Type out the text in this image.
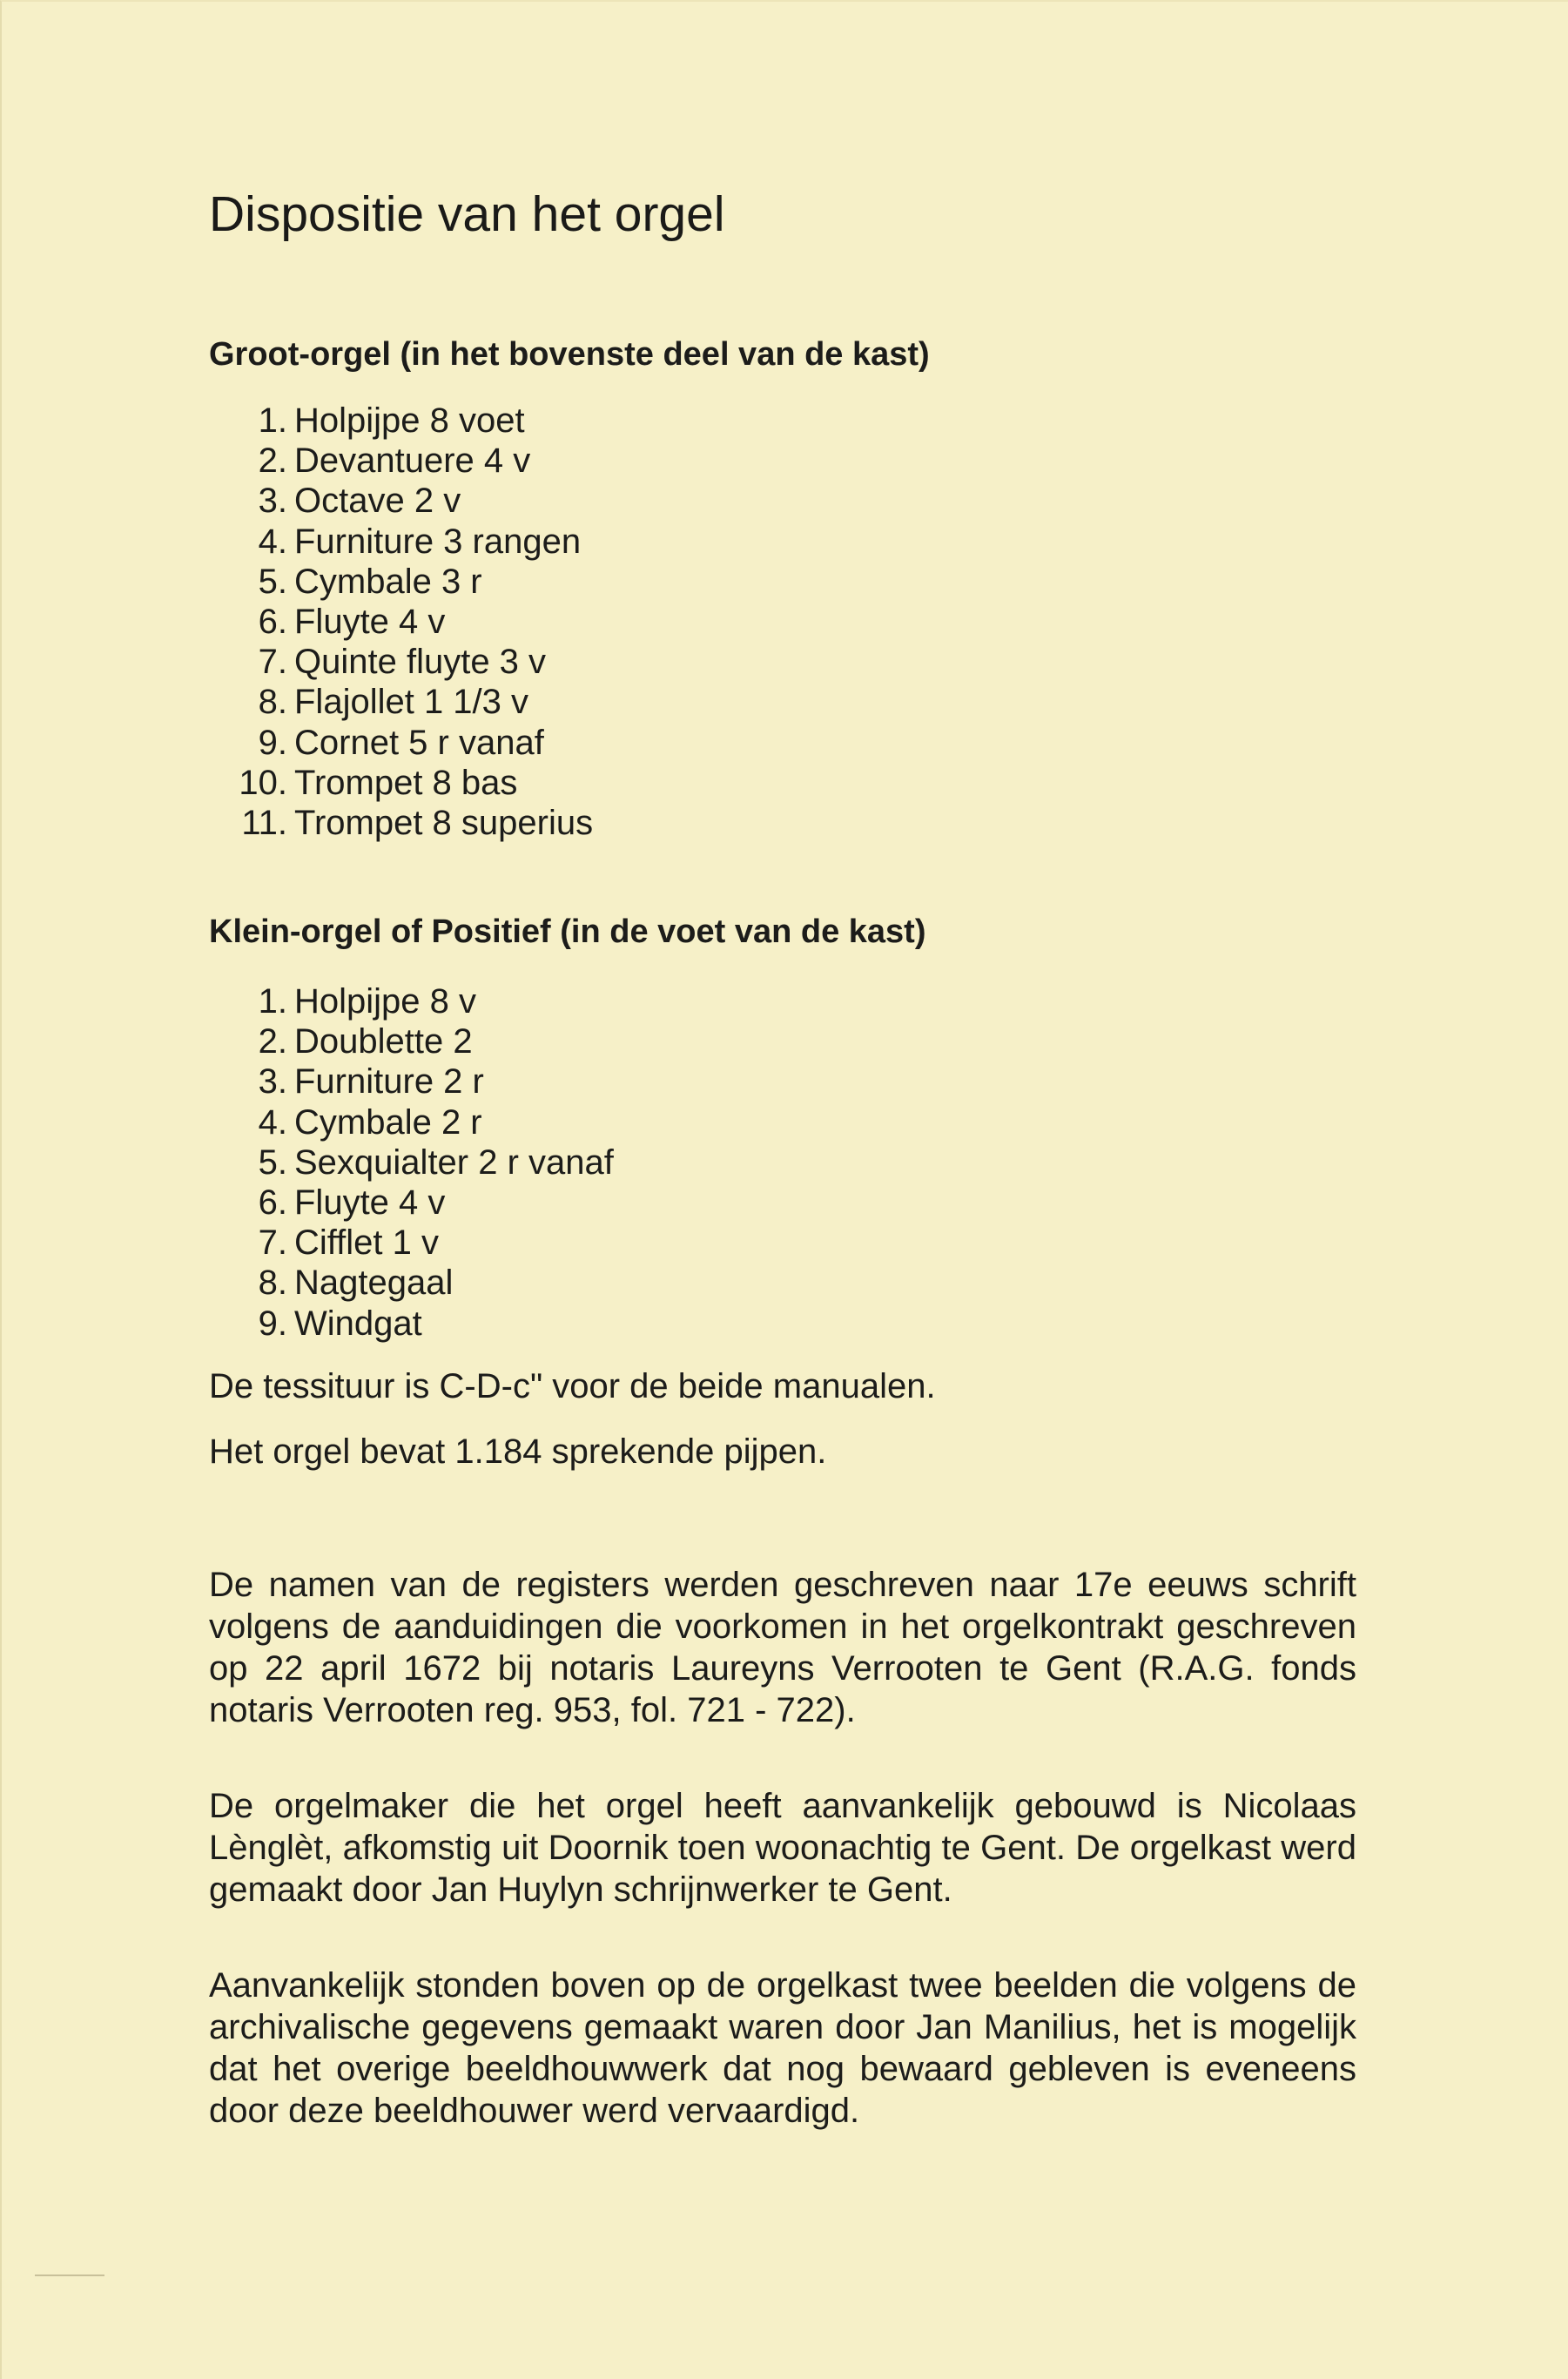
Dispositie van het orgel
Groot-orgel (in het bovenste deel van de kast)
1. Holpijpe 8 voet
2. Devantuere 4 v
3. Octave 2 v
4. Furniture 3 rangen
5. Cymbale 3 r
6. Fluyte 4 v
7. Quinte fluyte 3 v
8. Flajollet 1 1/3 v
9. Cornet 5 r vanaf
10. Trompet 8 bas
11. Trompet 8 superius
Klein-orgel of Positief (in de voet van de kast)
1. Holpijpe 8 v
2. Doublette 2
3. Furniture 2 r
4. Cymbale 2 r
5. Sexquialter 2 r vanaf
6. Fluyte 4 v
7. Cifflet 1 v
8. Nagtegaal
9. Windgat

De tessituur is C-D-c" voor de beide manualen.

Het orgel bevat 1.184 sprekende pijpen.

De namen van de registers werden geschreven naar 17e eeuws schrift volgens de aanduidingen die voorkomen in het orgelkontrakt geschreven op 22 april 1672 bij notaris Laureyns Verrooten te Gent (R.A.G. fonds notaris Verrooten reg. 953, fol. 721 - 722).

De orgelmaker die het orgel heeft aanvankelijk gebouwd is Nicolaas Lènglèt, afkomstig uit Doornik toen woonachtig te Gent. De orgelkast werd gemaakt door Jan Huylyn schrijnwerker te Gent.

Aanvankelijk stonden boven op de orgelkast twee beelden die volgens de archivalische gegevens gemaakt waren door Jan Manilius, het is mogelijk dat het overige beeldhouwwerk dat nog bewaard gebleven is eveneens door deze beeldhouwer werd vervaardigd.
